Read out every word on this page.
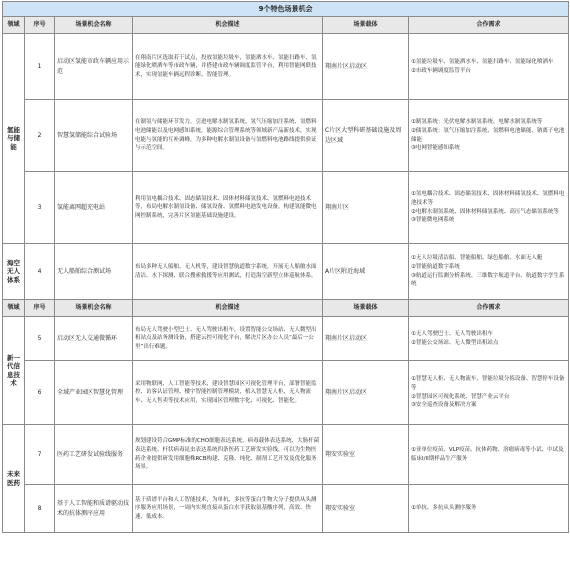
9个特色场景机会					
领域	序号	场景机会名称	机会描述	场景载体	合作需求
氢能与储能	1	启动区氢能市政车辆应用示范	在翔南片区选取若干试点，投放氢能垃圾车、氢能洒水车、氢能扫路车、氢能绿化喷洒车等市政车辆，并搭建市政车辆调度监管平台，利用智能网联技术，实现氢能车辆远程诊断、智能管理。	翔南片区启动区	①氢能垃圾车、氢能洒水车、氢能扫路车、氢能绿化喷洒车
②市政车辆调度监管平台
	2	智慧氢储能综合试验场	在制氢与储能环节发力，引进电解水制氢系统、氢气压缩加注系统、氢燃料电池储能以及电网感知系统，能源综合管理系统等领域新产品新技术，实现电能与氢能的互补调峰，为多种电解水制氢设备与氢燃料电池路线提供验证与示范空间。	C片区大型科研基础设施及周边区域	①制氢系统：光伏电解水制氢系统、电解水制氢系统等
②储氢系统：氢气压缩加注系统、氢燃料电池储能、钠离子电池储能
③电网智能感知系统
	3	氢能离网超充电站	利用氢电耦合技术、固态储氢技术、固体材料储氢技术、氢燃料电池技术等，布局电解水制氢设备、储氢设备、氢燃料电池发电设备，构建氢能微电网控制系统，完善片区氢能基础设施建设。	翔南片区	①氢电耦合技术、固态储氢技术、固体材料储氢技术、氢燃料电池技术等
②电解水制氢系统、固体材料储氢系统、高压气态储氢系统等
③智能微电网系统
海空无人体系	4	无人船舶综合测试场	布局多种无人船舶、无人机等，建设智慧航道数字系统，开展无人船舶水面清洁、水下探测、联合搜索救援等应用测试，打造海空新型立体巡航体系。	A片区附近海域	①无人垃圾清洁船、智能船舶、绿色船舶、水面无人艇
②智能航道数字系统
③航道运行监测分析系统、三维数字航道平台、航道数字孪生系统
领域	序号	场景机会名称	机会描述	场景载体	合作需求
新一代信息技术	5	启动区无人交通微循环	布局无人驾驶小型巴士、无人驾驶出租车，设置智能公交场站、无人微型出租站点及站务测设备，搭建云控可视化平台，解决片区办公人员“最后一公里”出行难题。	翔南片区启动区	①无人驾驶巴士、无人驾驶出租车
②智能公交场站、无人微型出租站点
	6	全域产业园区智慧化管理	采用物联网、人工智能等技术，建设智慧园区可视化管理平台，部署智能监控、访客认证管理、楼宇智能控制管理模块，植入智慧无人柜、无人物流车、无人售卖等技术应用，实现园区管理数字化、可视化、智能化。	翔南片区启动区	①智慧无人柜、无人物流车、智能垃圾分拣设备、智慧停车设备等
②智慧园区可视化系统、智慧产业云平台
③安全巡查设备及解决方案
未来医药	7	医药工艺研发试验线服务	规划建设符合GMP标准的CHO细胞表达系统、病毒载体表达系统、大肠杆菌表达系统、杆状病毒昆虫表达系统四条医药工艺研发实验线，可以为生物医药企业提供研发用细胞株RCB构建、克隆、纯化、制剂工艺开发及优化服务场景。	翔安实验室	①亚单位疫苗、VLP疫苗、抗体药物、溶瘤病毒等小试、中试及临床I/II期样品生产服务
	8	基于人工智能和质谱驱动技术的抗体测序应用	基于质谱平台和人工智能技术，为单抗、多抗等蛋白生物大分子提供从头测序服务应用场景，一周内实现直接从蛋白水平获取氨基酸序列，高效、快速、低成本。	翔安实验室	①单抗、多抗从头测序服务
